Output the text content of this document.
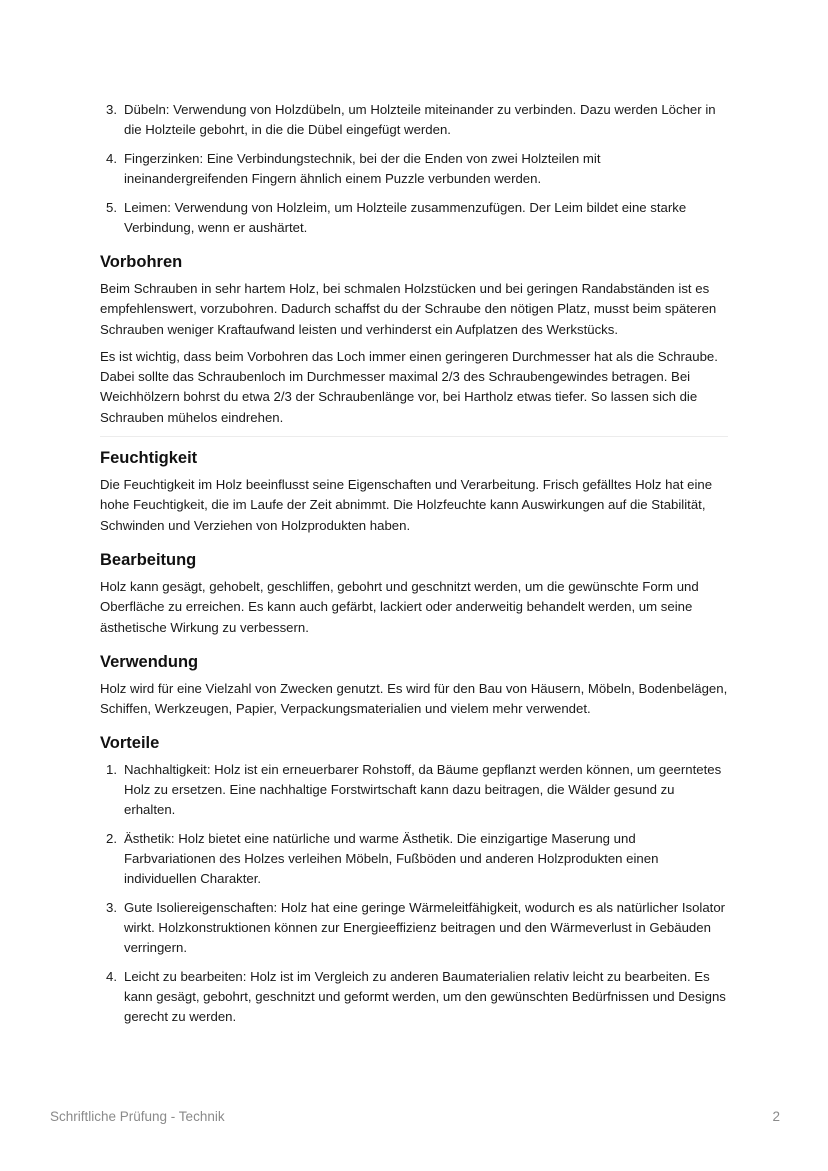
3. Dübeln: Verwendung von Holzdübeln, um Holzteile miteinander zu verbinden. Dazu werden Löcher in die Holzteile gebohrt, in die die Dübel eingefügt werden.
4. Fingerzinken: Eine Verbindungstechnik, bei der die Enden von zwei Holzteilen mit ineinandergreifenden Fingern ähnlich einem Puzzle verbunden werden.
5. Leimen: Verwendung von Holzleim, um Holzteile zusammenzufügen. Der Leim bildet eine starke Verbindung, wenn er aushärtet.
Vorbohren

Beim Schrauben in sehr hartem Holz, bei schmalen Holzstücken und bei geringen Randabständen ist es empfehlenswert, vorzubohren. Dadurch schaffst du der Schraube den nötigen Platz, musst beim späteren Schrauben weniger Kraftaufwand leisten und verhinderst ein Aufplatzen des Werkstücks.

Es ist wichtig, dass beim Vorbohren das Loch immer einen geringeren Durchmesser hat als die Schraube. Dabei sollte das Schraubenloch im Durchmesser maximal 2/3 des Schraubengewindes betragen. Bei Weichhölzern bohrst du etwa 2/3 der Schraubenlänge vor, bei Hartholz etwas tiefer. So lassen sich die Schrauben mühelos eindrehen.

Feuchtigkeit

Die Feuchtigkeit im Holz beeinflusst seine Eigenschaften und Verarbeitung. Frisch gefälltes Holz hat eine hohe Feuchtigkeit, die im Laufe der Zeit abnimmt. Die Holzfeuchte kann Auswirkungen auf die Stabilität, Schwinden und Verziehen von Holzprodukten haben.

Bearbeitung

Holz kann gesägt, gehobelt, geschliffen, gebohrt und geschnitzt werden, um die gewünschte Form und Oberfläche zu erreichen. Es kann auch gefärbt, lackiert oder anderweitig behandelt werden, um seine ästhetische Wirkung zu verbessern.

Verwendung

Holz wird für eine Vielzahl von Zwecken genutzt. Es wird für den Bau von Häusern, Möbeln, Bodenbelägen, Schiffen, Werkzeugen, Papier, Verpackungsmaterialien und vielem mehr verwendet.

Vorteile
1. Nachhaltigkeit: Holz ist ein erneuerbarer Rohstoff, da Bäume gepflanzt werden können, um geerntetes Holz zu ersetzen. Eine nachhaltige Forstwirtschaft kann dazu beitragen, die Wälder gesund zu erhalten.
2. Ästhetik: Holz bietet eine natürliche und warme Ästhetik. Die einzigartige Maserung und Farbvariationen des Holzes verleihen Möbeln, Fußböden und anderen Holzprodukten einen individuellen Charakter.
3. Gute Isoliereigenschaften: Holz hat eine geringe Wärmeleitfähigkeit, wodurch es als natürlicher Isolator wirkt. Holzkonstruktionen können zur Energieeffizienz beitragen und den Wärmeverlust in Gebäuden verringern.
4. Leicht zu bearbeiten: Holz ist im Vergleich zu anderen Baumaterialien relativ leicht zu bearbeiten. Es kann gesägt, gebohrt, geschnitzt und geformt werden, um den gewünschten Bedürfnissen und Designs gerecht zu werden.
Schriftliche Prüfung - Technik	2
